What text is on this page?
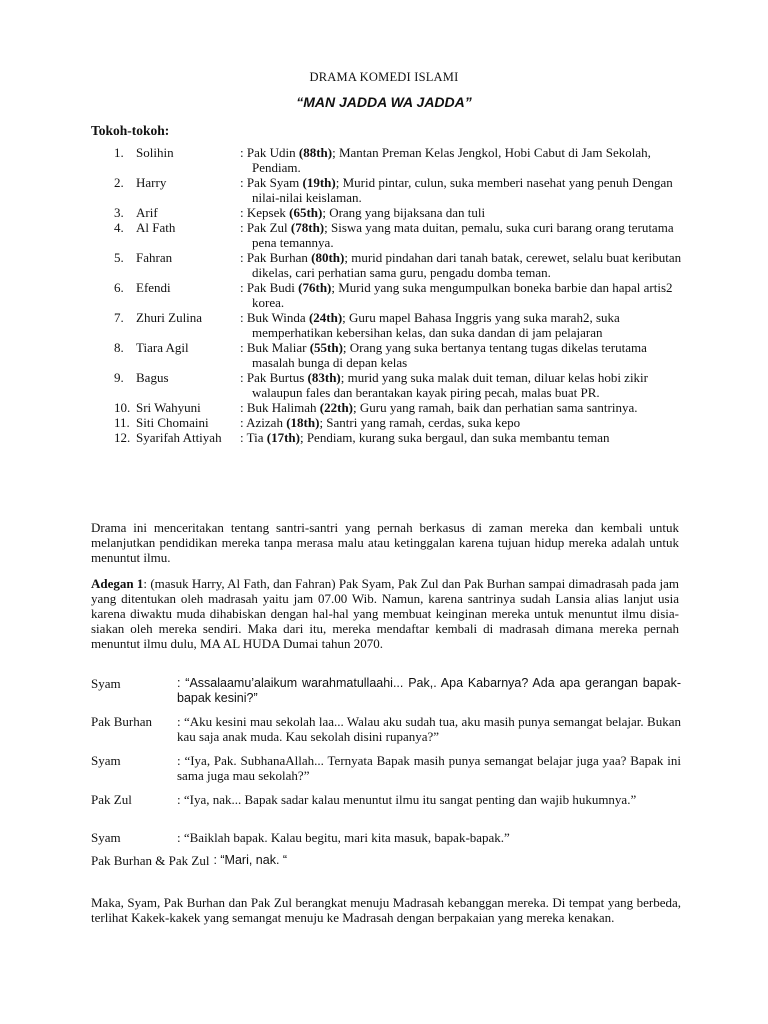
DRAMA KOMEDI ISLAMI
“MAN JADDA WA JADDA”
Tokoh-tokoh:
1. Solihin	: Pak Udin (88th); Mantan Preman Kelas Jengkol, Hobi Cabut di Jam Sekolah, Pendiam.
2. Harry	: Pak Syam (19th); Murid pintar, culun, suka memberi nasehat yang penuh Dengan nilai-nilai keislaman.
3. Arif	: Kepsek (65th); Orang yang bijaksana dan tuli
4. Al Fath	: Pak Zul (78th); Siswa yang mata duitan, pemalu, suka curi barang orang terutama pena temannya.
5. Fahran	: Pak Burhan (80th); murid pindahan dari tanah batak, cerewet, selalu buat keributan dikelas, cari perhatian sama guru, pengadu domba teman.
6. Efendi	: Pak Budi (76th); Murid yang suka mengumpulkan boneka barbie dan hapal artis2 korea.
7. Zhuri Zulina	: Buk Winda (24th); Guru mapel Bahasa Inggris yang suka marah2, suka memperhatikan kebersihan kelas, dan suka dandan di jam pelajaran
8. Tiara Agil	: Buk Maliar (55th); Orang yang suka bertanya tentang tugas dikelas terutama masalah bunga di depan kelas
9. Bagus	: Pak Burtus (83th); murid yang suka malak duit teman, diluar kelas hobi zikir walaupun fales dan berantakan kayak piring pecah, malas buat PR.
10. Sri Wahyuni	: Buk Halimah (22th); Guru yang ramah, baik dan perhatian sama santrinya.
11. Siti Chomaini	: Azizah (18th); Santri yang ramah, cerdas, suka kepo
12. Syarifah Attiyah	: Tia (17th); Pendiam, kurang suka bergaul, dan suka membantu teman
Drama ini menceritakan tentang santri-santri yang pernah berkasus di zaman mereka dan kembali untuk melanjutkan pendidikan mereka tanpa merasa malu atau ketinggalan karena tujuan hidup mereka adalah untuk menuntut ilmu.
Adegan 1: (masuk Harry, Al Fath, dan Fahran) Pak Syam, Pak Zul dan Pak Burhan sampai dimadrasah pada jam yang ditentukan oleh madrasah yaitu jam 07.00 Wib. Namun, karena santrinya sudah Lansia alias lanjut usia karena diwaktu muda dihabiskan dengan hal-hal yang membuat keinginan mereka untuk menuntut ilmu disia-siakan oleh mereka sendiri. Maka dari itu, mereka mendaftar kembali di madrasah dimana mereka pernah menuntut ilmu dulu, MA AL HUDA Dumai tahun 2070.
Syam	: “Assalaamu’alaikum warahmatullaahi... Pak,. Apa Kabarnya? Ada apa gerangan bapak-bapak kesini?”
Pak Burhan	: “Aku kesini mau sekolah laa... Walau aku sudah tua, aku masih punya semangat belajar. Bukan kau saja anak muda. Kau sekolah disini rupanya?”
Syam	: “Iya, Pak. SubhanaAllah... Ternyata Bapak masih punya semangat belajar juga yaa? Bapak ini sama juga mau sekolah?”
Pak Zul	: “Iya, nak... Bapak sadar kalau menuntut ilmu itu sangat penting dan wajib hukumnya.”
Syam	: “Baiklah bapak. Kalau begitu, mari kita masuk, bapak-bapak.”
Pak Burhan & Pak Zul : “Mari, nak. “
Maka, Syam, Pak Burhan dan Pak Zul berangkat menuju Madrasah kebanggan mereka. Di tempat yang berbeda, terlihat Kakek-kakek yang semangat menuju ke Madrasah dengan berpakaian yang mereka kenakan.
